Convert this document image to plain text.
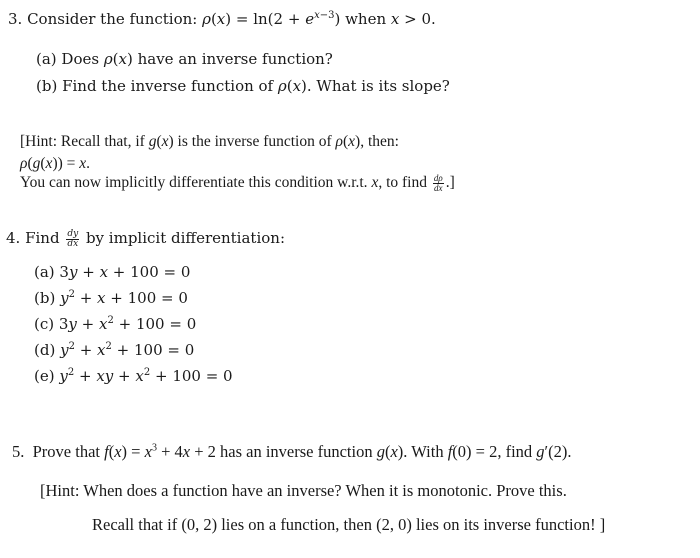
3. Consider the function: $\rho(x) = \ln(2 + e^{x-3})$ when x > 0.
(a) Does ρ(x) have an inverse function?
(b) Find the inverse function of ρ(x). What is its slope?
[Hint: Recall that, if g(x) is the inverse function of ρ(x), then:
ρ(g(x)) = x.
You can now implicitly differentiate this condition w.r.t. x, to find $\frac{d\rho}{dx}$ .]
4. Find $\frac{dy}{dx}$ by implicit differentiation:
(a) 3y + x + 100 = 0
(b) $y^2 + x + 100 = 0$
(c) $3y + x^2 + 100 = 0$
(d) $y^2 + x^2 + 100 = 0$
(e) $y^2$ + xy + $x^2 + 100 = 0$
5.  Prove that $f(x) = x^3 + 4x + 2$ has an inverse function g(x). With f(0) = 2, find g′(2).
[Hint: When does a function have an inverse? When it is monotonic. Prove this.
Recall that if (0, 2) lies on a function, then (2, 0) lies on its inverse function! ]
